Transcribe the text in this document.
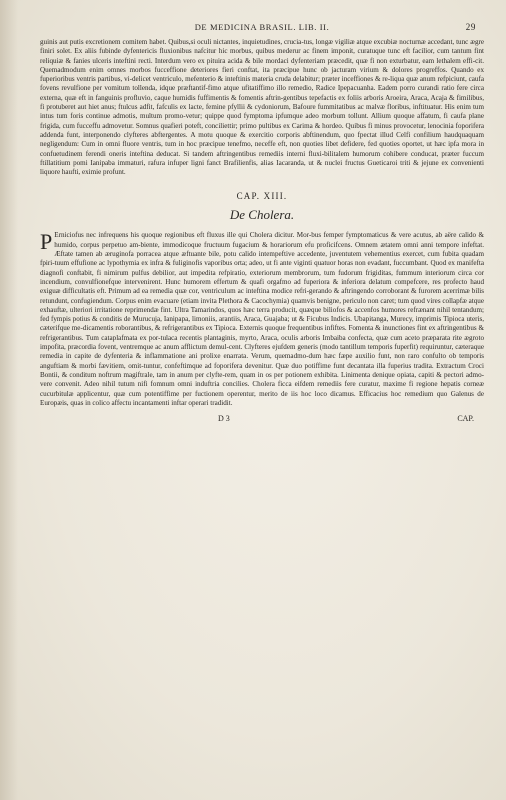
DE MEDICINA BRASIL. LIB. II.	29

guinis aut putis excretionem comitem habet. Quibus,si oculi nictantes, inquietudines, crucia-tus, longæ vigiliæ atque excubiæ nocturnæ accedant, tunc ægre finiri solet. Ex aliis fubinde dyfentericis fluxionibus nafcitur hic morbus, quibus mederur ac finem imponit, curatuque tunc eft facilior, cum tantum fint reliquiæ & fanies ulceris inteftini recti. Interdum vero ex pituira acida & bile mordaci dyfenteriam præcedit, quæ fi non exturbatur, eam lethalem effi-cit. Quemadmodum enim omnes morbos fucceffione deteriores fieri conftat, ita præcipue hunc ob jacturam virium & dolores progreffos. Quando ex fuperioribus ventris partibus, vi-delicet ventriculo, mefenterio & inteftinis materia cruda delabitur; præter inceffiones & re-liqua quæ anum refpiciunt, caufa fovens revulfione per vomitum tollenda, idque præftantif-fimo atque ufitatiffimo illo remedio, Radice Ipepacuanha. Eadem porro curandi ratio fere circa externa, quæ eft in fanguinis profluvio, caque humidis fuffimentis & fomentis aftrin-gentibus tepefactis ex foliis arboris Aroeira, Araca, Acaja & fimilibus, fi protuberet aut hiet anus; ftulcus adfit, fafculis ex lacte, femine pfyllii & cydoniorum, Bafoure fummitatibus ac malvæ floribus, inftituatur. His enim tum intus tum foris continue admotis, multum promo-vetur; quippe quod fymptoma ipfumque adeo morbum tollunt. Allium quoque affatum, fi caufa plane frigida, cum fucceffu admovetur. Somnus quafieri poteft, conciliettir; primo pultibus ex Carima & hordeo. Quibus fi minus provocetur, lenocinia foporifera addenda funt, interponendo clyfteres abftergentes. A motu quoque & exercitio corporis abftinendum, quo fpectat illud Celfi confilium haudquaquam negligendum: Cum in omni fluore ventris, tum in hoc præcipue tenefmo, neceffe eft, non quoties libet defidere, fed quoties oportet, ut hæc ipfa mora in confuetudinem ferendi oneris inteftina deducat. Si tandem aftringentibus remediis interni fluxi-bilitalem humorum cohibere conducat, præter fuccum ftillatitium pomi Ianipaba immaturi, rafura infuper ligni fanct Brafilienfis, alias Iacaranda, ut & nuclei fructus Gueticaroi triti & jejune ex convenienti liquore haufti, eximie profunt.

CAP. XIII.
De Cholera.

P Erniciofus nec infrequens his quoque regionibus eft fluxus ille qui Cholera dicitur. Mor-bus femper fymptomaticus & vere acutus, ab aëre calido & humido, corpus perpetuo am-biente, immodicoque fructuum fugacium & horariorum efu proficifcens. Omnem ætatem omni anni tempore infeftat. Æftate tamen ab æruginofa porracea atque æftuante bile, potu calido intempeftive accedente, juventutem vehementius exercet, cum fubita quadam fpiri-tuum effufione ac lypothymia ex infra & fuliginofis vaporibus orta; adeo, ut fi ante viginti quatuor horas non evadant, fuccumbant. Quod ex manifefta diagnofi conftabit, fi nimirum pulfus debilior, aut impedita refpiratio, exteriorum membrorum, tum fudorum frigiditas, fummum interiorum circa cor incendium, convulfionefque intervenirent. Hunc humorem effertum & quafi orgafmo ad fuperiora & inferiora delatum compefcere, res profecto haud exiguæ difficultatis eft. Primum ad ea remedia quæ cor, ventriculum ac inteftina modice refri-gerando & aftringendo corroborant & furorem acerrimæ bilis retundunt, confugiendum. Corpus enim evacuare (etiam invita Plethora & Cacochymia) quamvis benigne, periculo non caret; tum quod vires collapfæ atque exhauftæ, ulteriori irritatione reprimendæ fint. Ultra Tamarindos, quos hæc terra producit, quæque biliofos & accenfos humores refrænant nihil tentandum; fed fympis potius & conditis de Murucuja, Ianipapa, limoniis, arantiis, Araca, Guajaba; ut & Ficubus Indicis. Ubapitanga, Murecy, imprimis Tipioca uteris, cæterifque me-dicamentis roborantibus, & refrigerantibus ex Tipioca. Externis quoque frequentibus infiftes. Fomenta & inunctiones fint ex aftringentibus & refrigerantibus. Tum cataplafmata ex por-tulaca recentis plantaginis, myrto, Araca, oculis arboris Imbaiba confecta, quæ cum aceto præparata rite ægroto impofita, præcordia fovent, ventremque ac anum afflictum demul-cent. Clyfteres ejufdem generis (modo tantillum temporis fuperfit) requiruntur, cæteraque remedia in capite de dyfenteria & inflammatione ani prolixe enarrata. Verum, quemadmo-dum hæc fæpe auxilio funt, non raro confulto ob temporis anguftiam & morbi fævitiem, omit-tuntur, confeftimque ad foporifera devenitur. Quæ duo potiffime funt decantata illa fuperius tradita. Extractum Croci Bontii, & conditum noftrum magiftrale, tam in anum per clyfte-rem, quam in os per potionem exhibita. Linimenta denique opiata, capiti & pectori admo-vere convenit. Adeo nihil tutum nifi fomnum omni induftria concilies. Cholera ficca eifdem remediis fere curatur, maxime fi regione hepatis corneæ cucurbitulæ applicentur, quæ cum potentiffime per fuctionem operentur, merito de iis hoc loco dicamus. Efficacius hoc remedium quo Galenus de Europæis, quas in colico affectu incantamenti inftar operari tradidit.

D 3	CAP.
